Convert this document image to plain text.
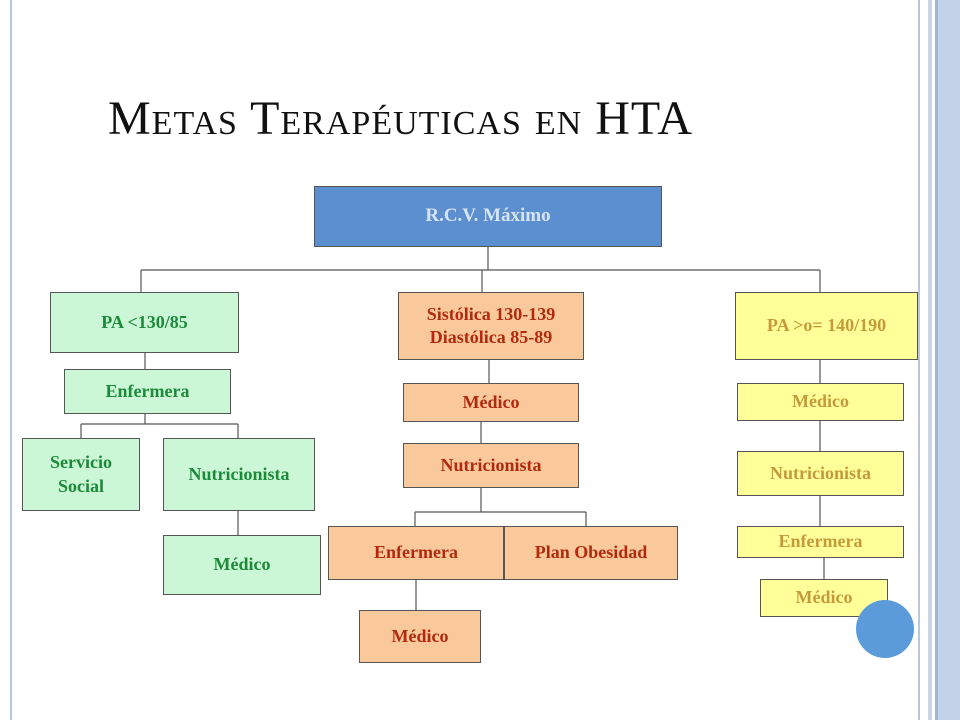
Metas Terapéuticas en HTA
R.C.V. Máximo
PA <130/85
Enfermera
Servicio
Social
Nutricionista
Médico
Sistólica 130-139
Diastólica 85-89
Médico
Nutricionista
Enfermera	Plan Obesidad
Médico
PA >o= 140/190
Médico
Nutricionista
Enfermera
Médico
